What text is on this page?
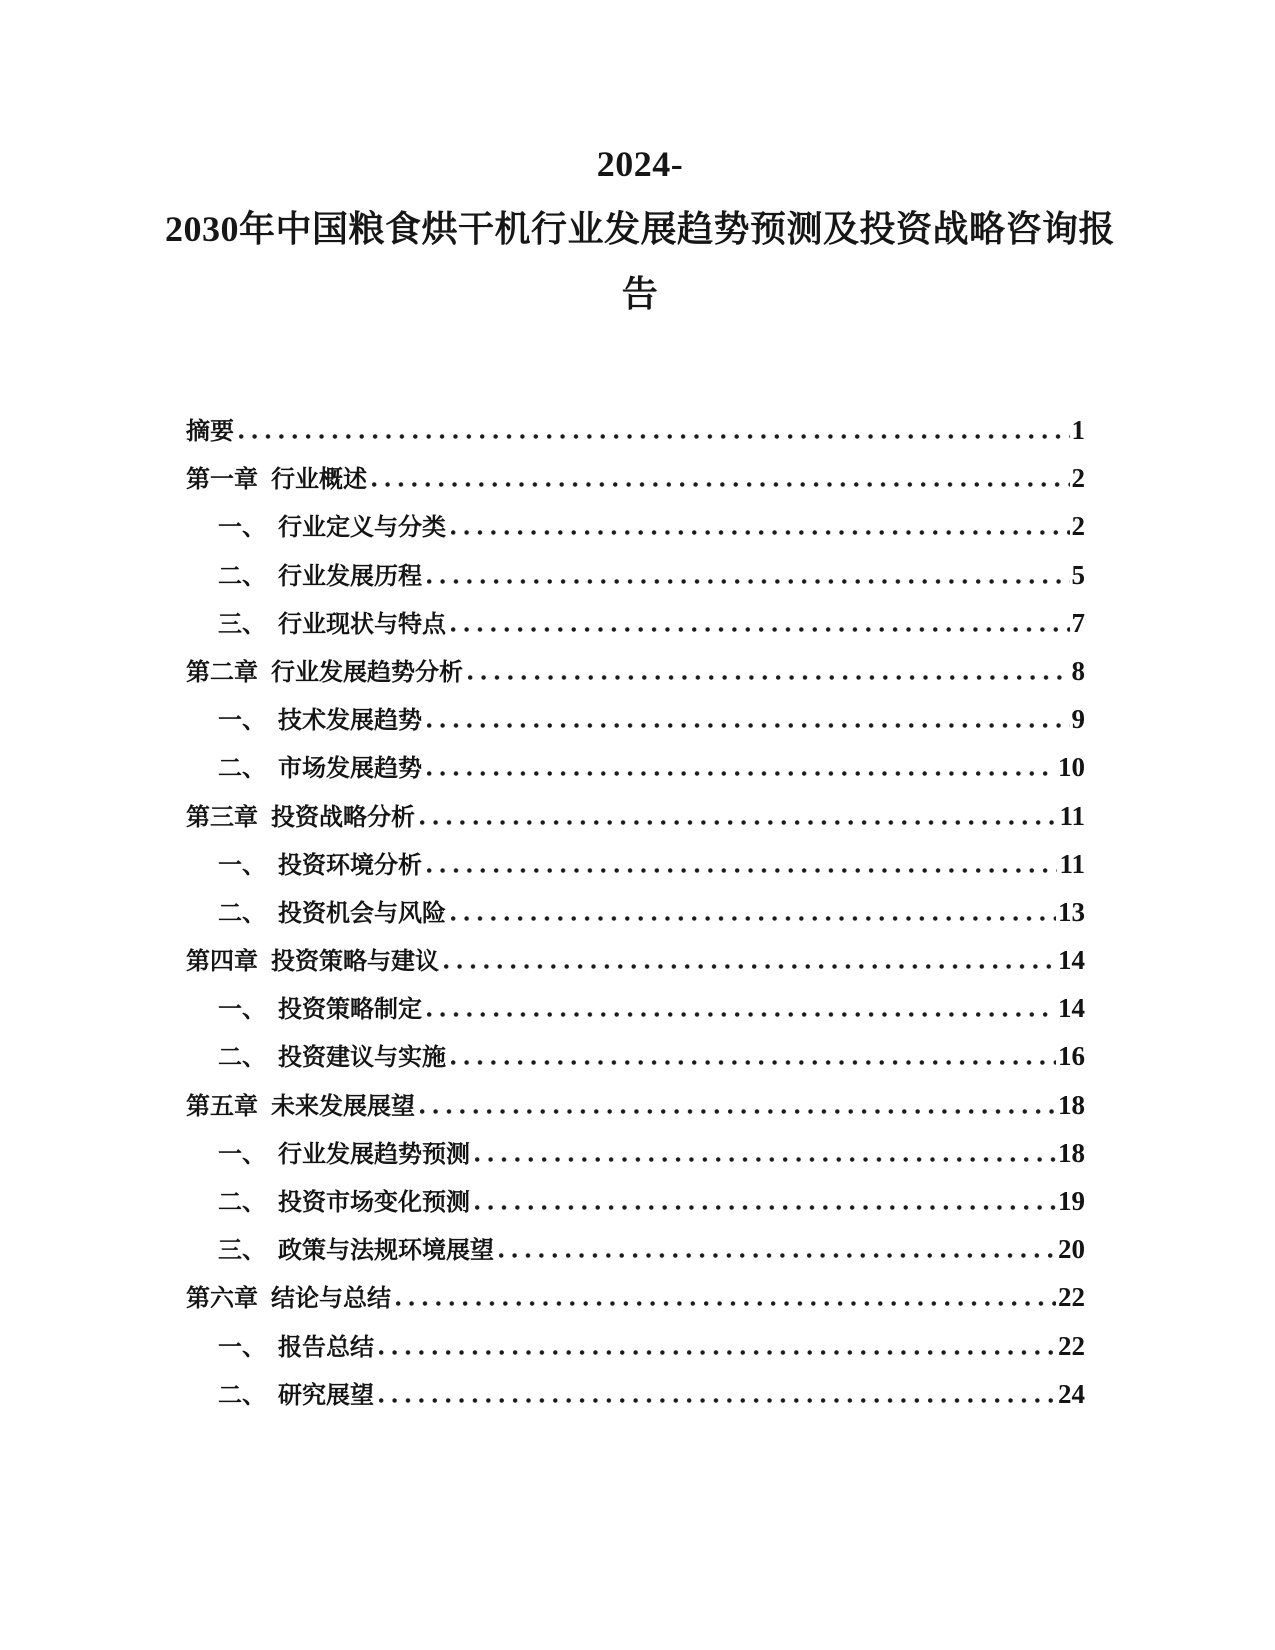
2024-
2030年中国粮食烘干机行业发展趋势预测及投资战略咨询报
告
摘要	1
第一章 行业概述	2
一、 行业定义与分类	2
二、 行业发展历程	5
三、 行业现状与特点	7
第二章 行业发展趋势分析	8
一、 技术发展趋势	9
二、 市场发展趋势	10
第三章 投资战略分析	11
一、 投资环境分析	11
二、 投资机会与风险	13
第四章 投资策略与建议	14
一、 投资策略制定	14
二、 投资建议与实施	16
第五章 未来发展展望	18
一、 行业发展趋势预测	18
二、 投资市场变化预测	19
三、 政策与法规环境展望	20
第六章 结论与总结	22
一、 报告总结	22
二、 研究展望	24
